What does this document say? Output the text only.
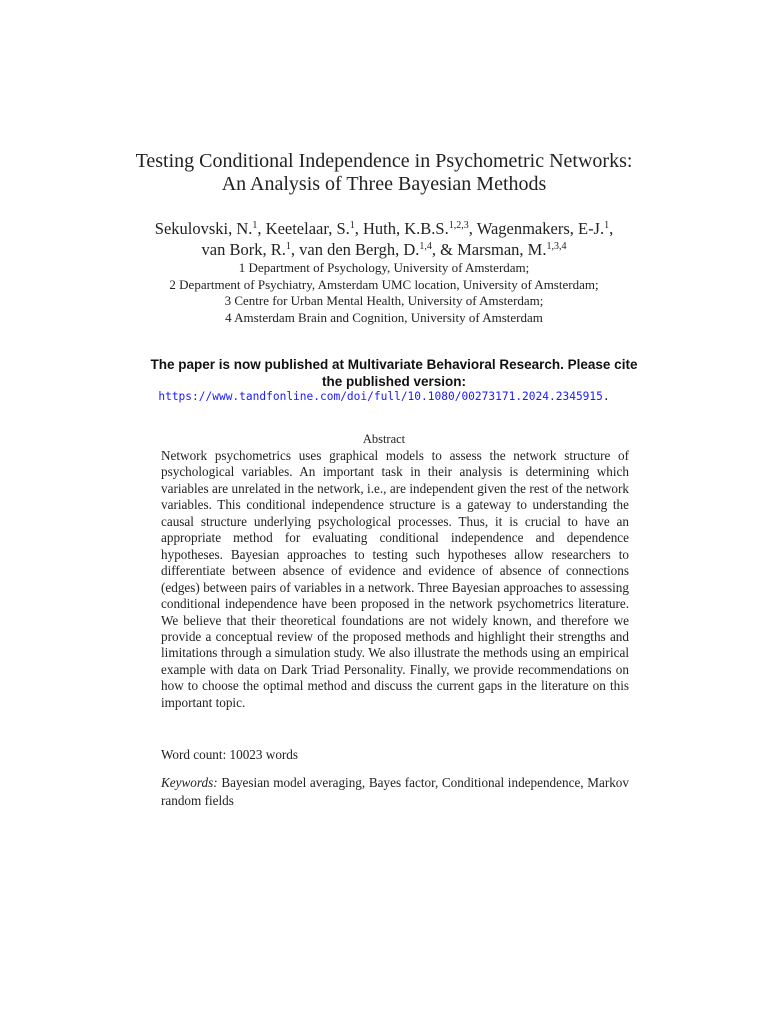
Testing Conditional Independence in Psychometric Networks:
An Analysis of Three Bayesian Methods
Sekulovski, N.$^1$, Keetelaar, S.$^1$, Huth, K.B.S.$^{1,2,3}$, Wagenmakers, E-J.$^1$,
van Bork, R.$^1$, van den Bergh, D.$^{1,4}$, & Marsman, M.$^{1,3,4}$
1 Department of Psychology, University of Amsterdam;
2 Department of Psychiatry, Amsterdam UMC location, University of Amsterdam;
3 Centre for Urban Mental Health, University of Amsterdam;
4 Amsterdam Brain and Cognition, University of Amsterdam
The paper is now published at Multivariate Behavioral Research. Please cite
the published version:
https://www.tandfonline.com/doi/full/10.1080/00273171.2024.2345915.
Abstract

Network psychometrics uses graphical models to assess the network structure of psychological variables. An important task in their analysis is determining which variables are unrelated in the network, i.e., are independent given the rest of the network variables. This conditional independence structure is a gateway to understanding the causal structure underlying psychological processes. Thus, it is crucial to have an appropriate method for evaluating conditional independence and dependence hypotheses. Bayesian approaches to testing such hypotheses allow researchers to differentiate between absence of evidence and evidence of absence of connections (edges) between pairs of variables in a network. Three Bayesian approaches to assessing conditional independence have been proposed in the network psychometrics literature. We believe that their theoretical foundations are not widely known, and therefore we provide a conceptual review of the proposed methods and highlight their strengths and limitations through a simulation study. We also illustrate the methods using an empirical example with data on Dark Triad Personality. Finally, we provide recommendations on how to choose the optimal method and discuss the current gaps in the literature on this important topic.

Word count: 10023 words
Keywords: Bayesian model averaging, Bayes factor, Conditional independence, Markov random fields
